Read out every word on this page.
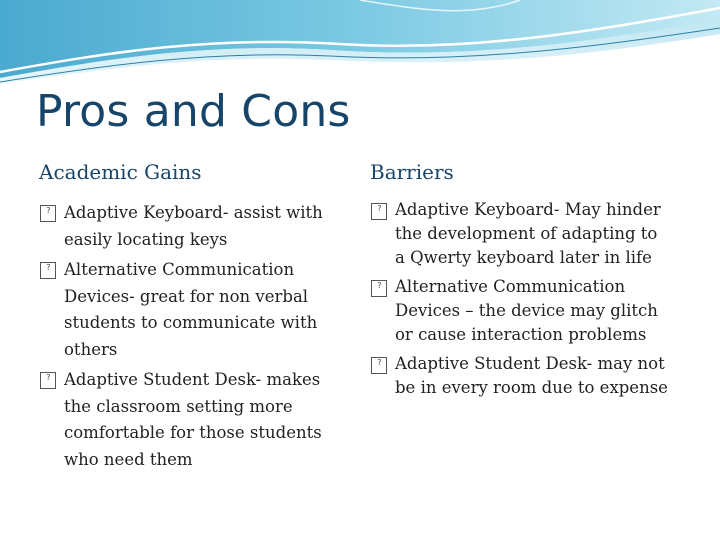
Pros and Cons
Academic Gains	Barriers
? Adaptive Keyboard- assist with easily locating keys
? Alternative Communication Devices- great for non verbal students to communicate with others
? Adaptive Student Desk- makes the classroom setting more comfortable for those students who need them
? Adaptive Keyboard- May hinder the development of adapting to a Qwerty keyboard later in life
? Alternative Communication Devices – the device may glitch or cause interaction problems
? Adaptive Student Desk- may not be in every room due to expense
